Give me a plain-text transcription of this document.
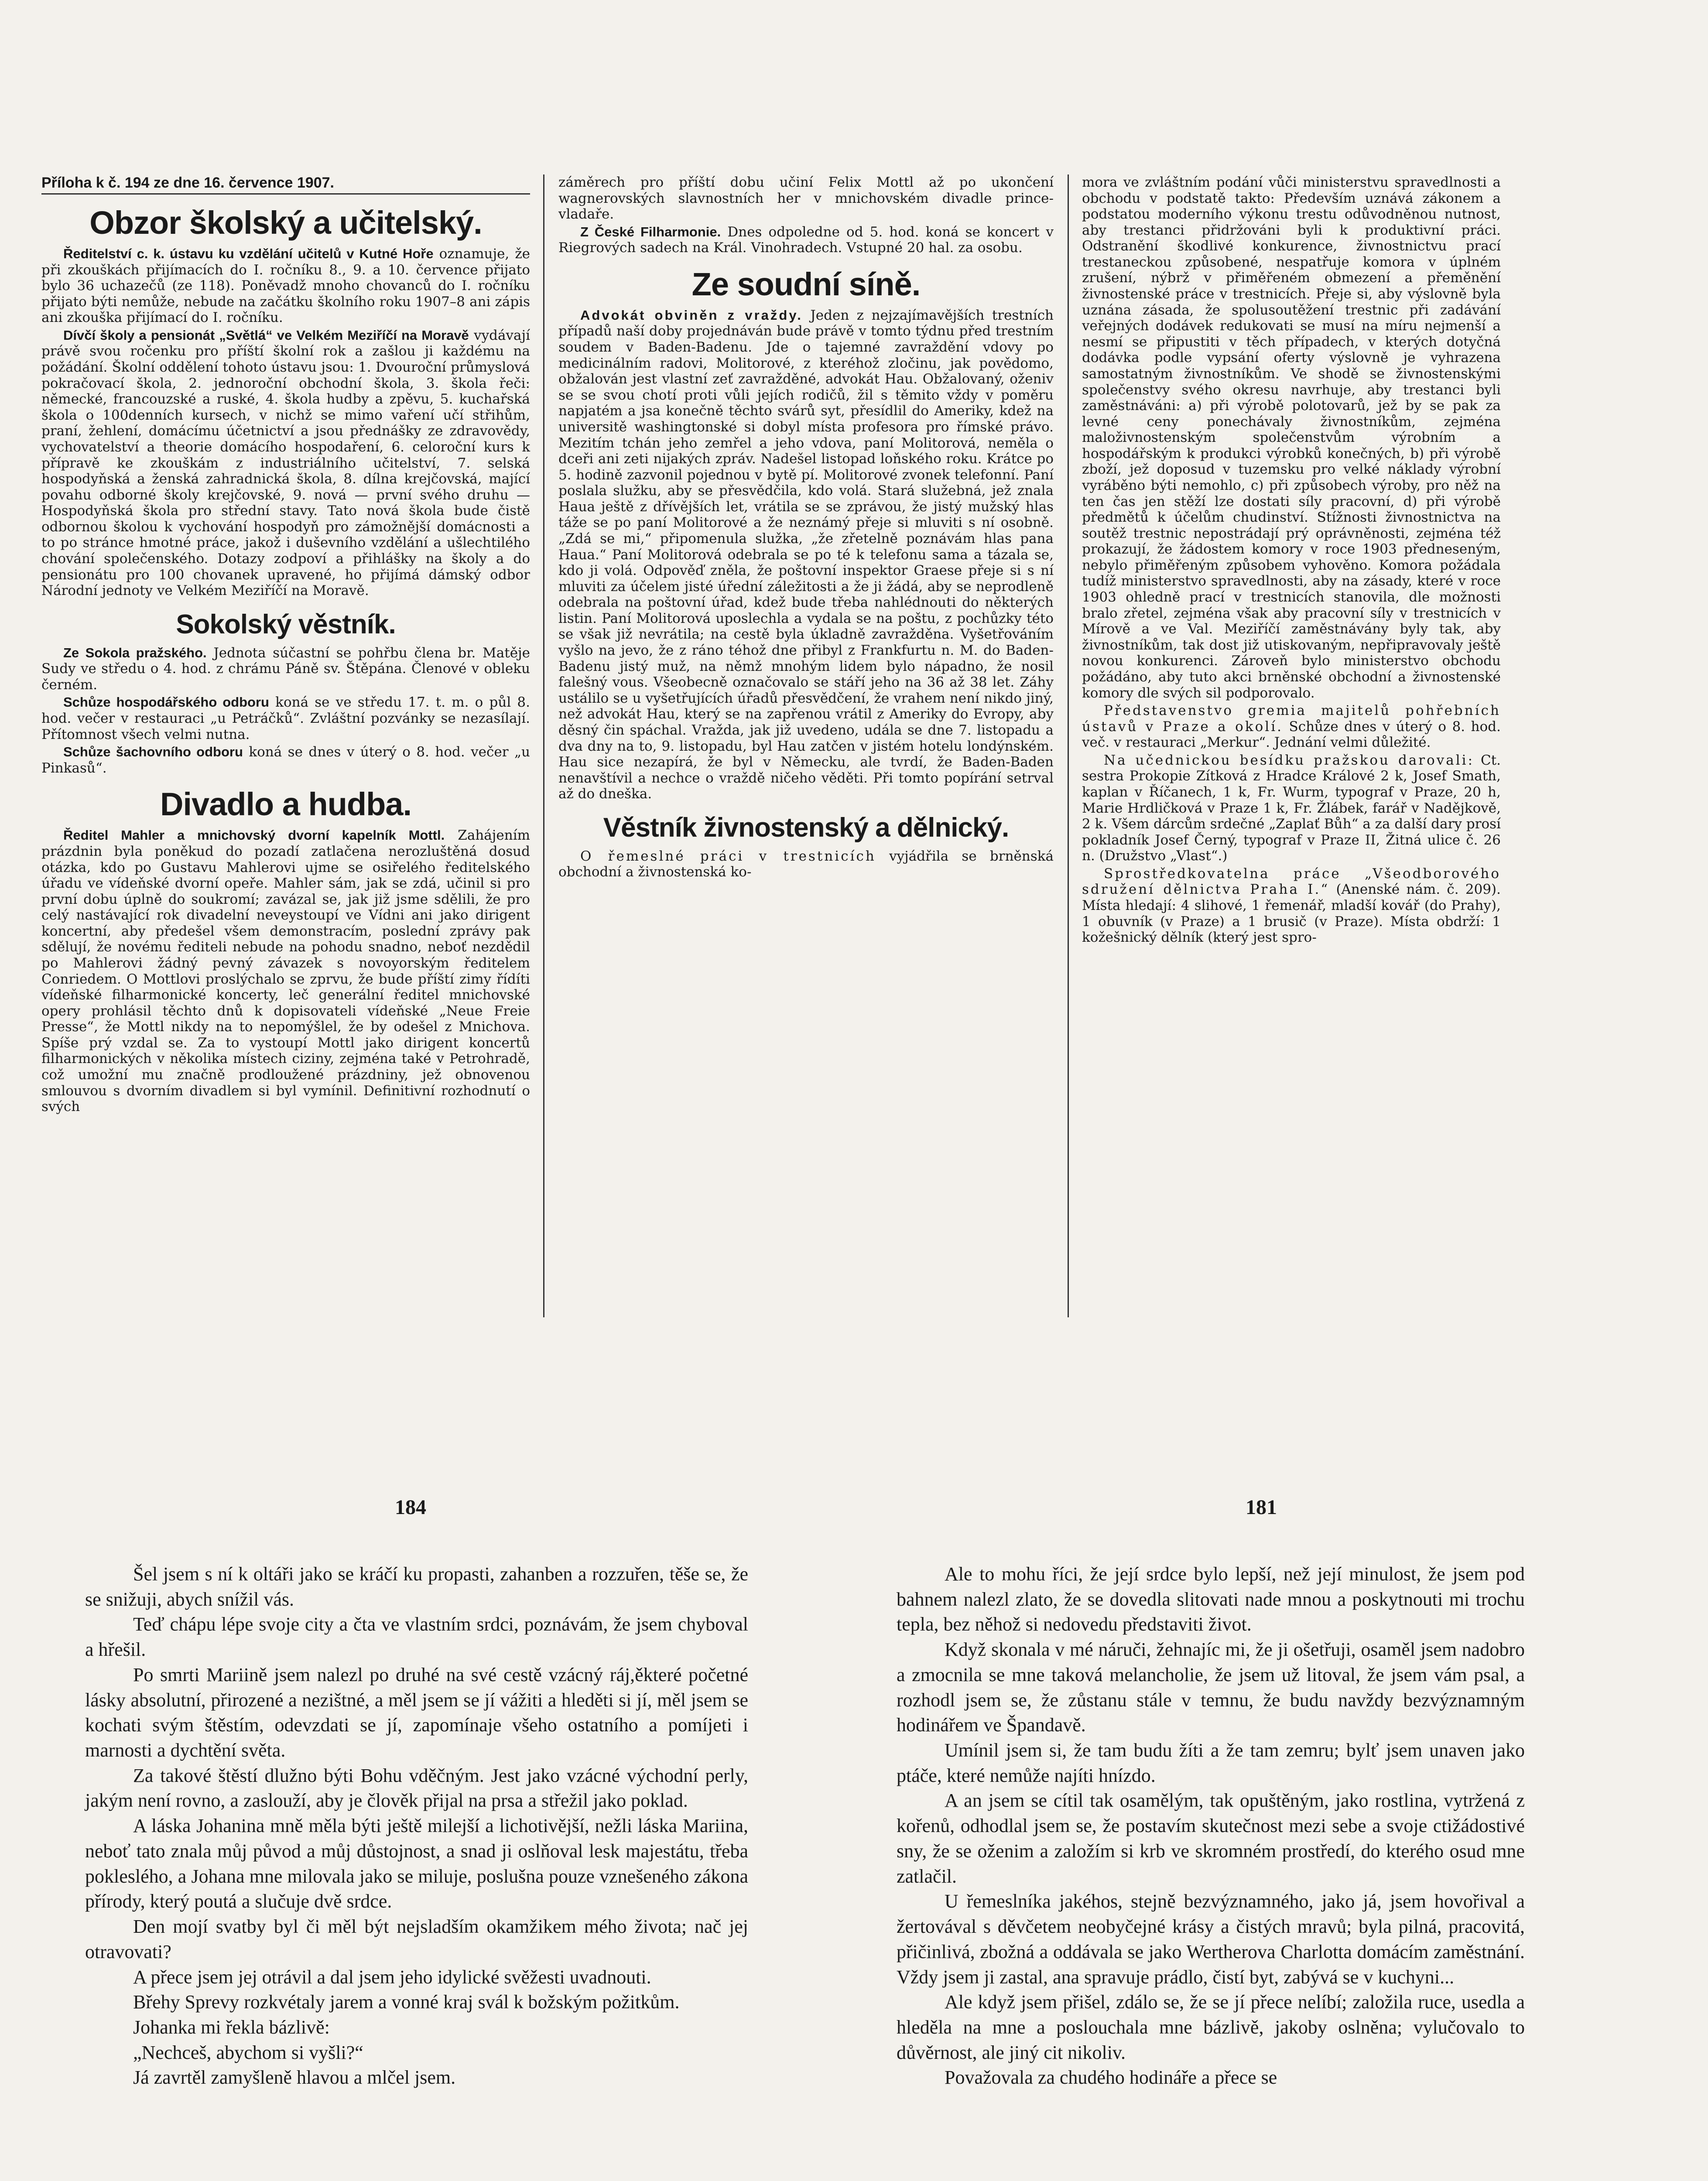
Příloha k č. 194 ze dne 16. července 1907.
Obzor školský a učitelský.

Ředitelství c. k. ústavu ku vzdělání učitelů v Kutné Hoře oznamuje, že při zkouškách přijímacích do I. ročníku 8., 9. a 10. července přijato bylo 36 uchazečů (ze 118). Poněvadž mnoho chovanců do I. ročníku přijato býti nemůže, nebude na začátku školního roku 1907–8 ani zápis ani zkouška přijímací do I. ročníku.

Dívčí školy a pensionát „Světlá“ ve Velkém Meziříčí na Moravě vydávají právě svou ročenku pro příští školní rok a zašlou ji každému na požádání. Školní oddělení tohoto ústavu jsou: 1. Dvouroční průmyslová pokračovací škola, 2. jednoroční obchodní škola, 3. škola řeči: německé, francouzské a ruské, 4. škola hudby a zpěvu, 5. kuchařská škola o 100denních kursech, v nichž se mimo vaření učí střihům, praní, žehlení, domácímu účetnictví a jsou přednášky ze zdravovědy, vychovatelství a theorie domácího hospodaření, 6. celoroční kurs k přípravě ke zkouškám z industriálního učitelství, 7. selská hospodyňská a ženská zahradnická škola, 8. dílna krejčovská, mající povahu odborné školy krejčovské, 9. nová — první svého druhu — Hospodyňská škola pro střední stavy. Tato nová škola bude čistě odbornou školou k vychování hospodyň pro zámožnější domácnosti a to po stránce hmotné práce, jakož i duševního vzdělání a ušlechtilého chování společenského. Dotazy zodpoví a přihlášky na školy a do pensionátu pro 100 chovanek upravené, ho přijímá dámský odbor Národní jednoty ve Velkém Meziříčí na Moravě.

Sokolský věstník.

Ze Sokola pražského. Jednota súčastní se pohřbu člena br. Matěje Sudy ve středu o 4. hod. z chrámu Páně sv. Štěpána. Členové v obleku černém.

Schůze hospodářského odboru koná se ve středu 17. t. m. o půl 8. hod. večer v restauraci „u Petráčků“. Zvláštní pozvánky se nezasílají. Přítomnost všech velmi nutna.

Schůze šachovního odboru koná se dnes v úterý o 8. hod. večer „u Pinkasů“.

Divadlo a hudba.

Ředitel Mahler a mnichovský dvorní kapelník Mottl. Zahájením prázdnin byla poněkud do pozadí zatlačena nerozluštěná dosud otázka, kdo po Gustavu Mahlerovi ujme se osiřelého ředitelského úřadu ve vídeňské dvorní opeře. Mahler sám, jak se zdá, učinil si pro první dobu úplně do soukromí; zavázal se, jak již jsme sdělili, že pro celý nastávající rok divadelní neveystoupí ve Vídni ani jako dirigent koncertní, aby předešel všem demonstracím, poslední zprávy pak sdělují, že novému řediteli nebude na pohodu snadno, neboť nezdědil po Mahlerovi žádný pevný závazek s novoyorským ředitelem Conriedem. O Mottlovi proslýchalo se zprvu, že bude příští zimy řídíti vídeňské filharmonické koncerty, leč generální ředitel mnichovské opery prohlásil těchto dnů k dopisovateli vídeňské „Neue Freie Presse“, že Mottl nikdy na to nepomýšlel, že by odešel z Mnichova. Spíše prý vzdal se. Za to vystoupí Mottl jako dirigent koncertů filharmonických v několika místech ciziny, zejména také v Petrohradě, což umožní mu značně prodloužené prázdniny, jež obnovenou smlouvou s dvorním divadlem si byl vymínil. Definitivní rozhodnutí o svých

záměrech pro příští dobu učiní Felix Mottl až po ukončení wagnerovských slavnostních her v mnichovském divadle prince-vladaře.

Z České Filharmonie. Dnes odpoledne od 5. hod. koná se koncert v Riegrových sadech na Král. Vinohradech. Vstupné 20 hal. za osobu.

Ze soudní síně.

Advokát obviněn z vraždy. Jeden z nejzajímavějších trestních případů naší doby projednáván bude právě v tomto týdnu před trestním soudem v Baden-Badenu. Jde o tajemné zavraždění vdovy po medicinálním radovi, Molitorové, z kteréhož zločinu, jak povědomo, obžalován jest vlastní zeť zavražděné, advokát Hau. Obžalovaný, oženiv se se svou chotí proti vůli jejích rodičů, žil s těmito vždy v poměru napjatém a jsa konečně těchto svárů syt, přesídlil do Ameriky, kdež na universitě washingtonské si dobyl místa profesora pro římské právo. Mezitím tchán jeho zemřel a jeho vdova, paní Molitorová, neměla o dceři ani zeti nijakých zpráv. Nadešel listopad loňského roku. Krátce po 5. hodině zazvonil pojednou v bytě pí. Molitorové zvonek telefonní. Paní poslala služku, aby se přesvědčila, kdo volá. Stará služebná, jež znala Haua ještě z dřívějších let, vrátila se se zprávou, že jistý mužský hlas táže se po paní Molitorové a že neznámý přeje si mluviti s ní osobně. „Zdá se mi,“ připomenula služka, „že zřetelně poznávám hlas pana Haua.“ Paní Molitorová odebrala se po té k telefonu sama a tázala se, kdo ji volá. Odpověď zněla, že poštovní inspektor Graese přeje si s ní mluviti za účelem jisté úřední záležitosti a že ji žádá, aby se neprodleně odebrala na poštovní úřad, kdež bude třeba nahlédnouti do některých listin. Paní Molitorová uposlechla a vydala se na poštu, z pochůzky této se však již nevrátila; na cestě byla úkladně zavražděna. Vyšetřováním vyšlo na jevo, že z ráno téhož dne přibyl z Frankfurtu n. M. do Baden-Badenu jistý muž, na němž mnohým lidem bylo nápadno, že nosil falešný vous. Všeobecně označovalo se stáří jeho na 36 až 38 let. Záhy ustálilo se u vyšetřujících úřadů přesvědčení, že vrahem není nikdo jiný, než advokát Hau, který se na zapřenou vrátil z Ameriky do Evropy, aby děsný čin spáchal. Vražda, jak již uvedeno, udála se dne 7. listopadu a dva dny na to, 9. listopadu, byl Hau zatčen v jistém hotelu londýnském. Hau sice nezapírá, že byl v Německu, ale tvrdí, že Baden-Baden nenavštívil a nechce o vraždě ničeho věděti. Při tomto popírání setrval až do dneška.

Věstník živnostenský a dělnický.

O řemeslné práci v trestnicích vyjádřila se brněnská obchodní a živnostenská ko-

mora ve zvláštním podání vůči ministerstvu spravedlnosti a obchodu v podstatě takto: Především uznává zákonem a podstatou moderního výkonu trestu odůvodněnou nutnost, aby trestanci přidržováni byli k produktivní práci. Odstranění škodlivé konkurence, živnostnictvu prací trestaneckou způsobené, nespatřuje komora v úplném zrušení, nýbrž v přiměřeném obmezení a přeměnění živnostenské práce v trestnicích. Přeje si, aby výslovně byla uznána zásada, že spolusoutěžení trestnic při zadávání veřejných dodávek redukovati se musí na míru nejmenší a nesmí se připustiti v těch případech, v kterých dotyčná dodávka podle vypsání oferty výslovně je vyhrazena samostatným živnostníkům. Ve shodě se živnostenskými společenstvy svého okresu navrhuje, aby trestanci byli zaměstnáváni: a) při výrobě polotovarů, jež by se pak za levné ceny ponechávaly živnostníkům, zejména maloživnostenským společenstvům výrobním a hospodářským k produkci výrobků konečných, b) při výrobě zboží, jež doposud v tuzemsku pro velké náklady výrobní vyráběno býti nemohlo, c) při způsobech výroby, pro něž na ten čas jen stěží lze dostati síly pracovní, d) při výrobě předmětů k účelům chudinství. Stížnosti živnostnictva na soutěž trestnic nepostrádají prý oprávněnosti, zejména též prokazují, že žádostem komory v roce 1903 předneseným, nebylo přiměřeným způsobem vyhověno. Komora požádala tudíž ministerstvo spravedlnosti, aby na zásady, které v roce 1903 ohledně prací v trestnicích stanovila, dle možnosti bralo zřetel, zejména však aby pracovní síly v trestnicích v Mírově a ve Val. Meziříčí zaměstnávány byly tak, aby živnostníkům, tak dost již utiskovaným, nepřipravovaly ještě novou konkurenci. Zároveň bylo ministerstvo obchodu požádáno, aby tuto akci brněnské obchodní a živnostenské komory dle svých sil podporovalo.

Představenstvo gremia majitelů pohřebních ústavů v Praze a okolí. Schůze dnes v úterý o 8. hod. več. v restauraci „Merkur“. Jednání velmi důležité.

Na učednickou besídku pražskou darovali: Ct. sestra Prokopie Zítková z Hradce Králové 2 k, Josef Smath, kaplan v Říčanech, 1 k, Fr. Wurm, typograf v Praze, 20 h, Marie Hrdličková v Praze 1 k, Fr. Žlábek, farář v Nadějkově, 2 k. Všem dárcům srdečné „Zaplať Bůh“ a za další dary prosí pokladník Josef Černý, typograf v Praze II, Žitná ulice č. 26 n. (Družstvo „Vlast“.)

Sprostředkovatelna práce „Všeodborového sdružení dělnictva Praha I.“ (Anenské nám. č. 209). Místa hledají: 4 slihové, 1 řemenář, mladší kovář (do Prahy), 1 obuvník (v Praze) a 1 brusič (v Praze). Místa obdrží: 1 kožešnický dělník (který jest spro-

184	181

Šel jsem s ní k oltáři jako se kráčí ku propasti, zahanben a rozzuřen, těše se, že se snižuji, abych snížil vás.

Teď chápu lépe svoje city a čta ve vlastním srdci, poznávám, že jsem chyboval a hřešil.

Po smrti Mariině jsem nalezl po druhé na své cestě vzácný ráj,ěkteré početné lásky absolutní, přirozené a nezištné, a měl jsem se jí vážiti a hleděti si jí, měl jsem se kochati svým štěstím, odevzdati se jí, zapomínaje všeho ostatního a pomíjeti i marnosti a dychtění světa.

Za takové štěstí dlužno býti Bohu vděčným. Jest jako vzácné východní perly, jakým není rovno, a zaslouží, aby je člověk přijal na prsa a střežil jako poklad.

A láska Johanina mně měla býti ještě milejší a lichotivější, nežli láska Mariina, neboť tato znala můj původ a můj důstojnost, a snad ji oslňoval lesk majestátu, třeba pokleslého, a Johana mne milovala jako se miluje, poslušna pouze vznešeného zákona přírody, který poutá a slučuje dvě srdce.

Den mojí svatby byl či měl být nejsladším okamžikem mého života; nač jej otravovati?

A přece jsem jej otrávil a dal jsem jeho idylické svěžesti uvadnouti.

Břehy Sprevy rozkvétaly jarem a vonné kraj svál k božským požitkům.

Johanka mi řekla bázlivě:

„Nechceš, abychom si vyšli?“

Já zavrtěl zamyšleně hlavou a mlčel jsem.

Ale to mohu říci, že její srdce bylo lepší, než její minulost, že jsem pod bahnem nalezl zlato, že se dovedla slitovati nade mnou a poskytnouti mi trochu tepla, bez něhož si nedovedu představiti život.

Když skonala v mé náruči, žehnajíc mi, že ji ošetřuji, osaměl jsem nadobro a zmocnila se mne taková melancholie, že jsem už litoval, že jsem vám psal, a rozhodl jsem se, že zůstanu stále v temnu, že budu navždy bezvýznamným hodinářem ve Špandavě.

Umínil jsem si, že tam budu žíti a že tam zemru; bylť jsem unaven jako ptáče, které nemůže najíti hnízdo.

A an jsem se cítil tak osamělým, tak opuštěným, jako rostlina, vytržená z kořenů, odhodlal jsem se, že postavím skutečnost mezi sebe a svoje ctižádostivé sny, že se oženim a založím si krb ve skromném prostředí, do kterého osud mne zatlačil.

U řemeslníka jakéhos, stejně bezvýznamného, jako já, jsem hovořival a žertovával s děvčetem neobyčejné krásy a čistých mravů; byla pilná, pracovitá, přičinlivá, zbožná a oddávala se jako Wertherova Charlotta domácím zaměstnání. Vždy jsem ji zastal, ana spravuje prádlo, čistí byt, zabývá se v kuchyni...

Ale když jsem přišel, zdálo se, že se jí přece nelíbí; založila ruce, usedla a hleděla na mne a poslouchala mne bázlivě, jakoby oslněna; vylučovalo to důvěrnost, ale jiný cit nikoliv.

Považovala za chudého hodináře a přece se
